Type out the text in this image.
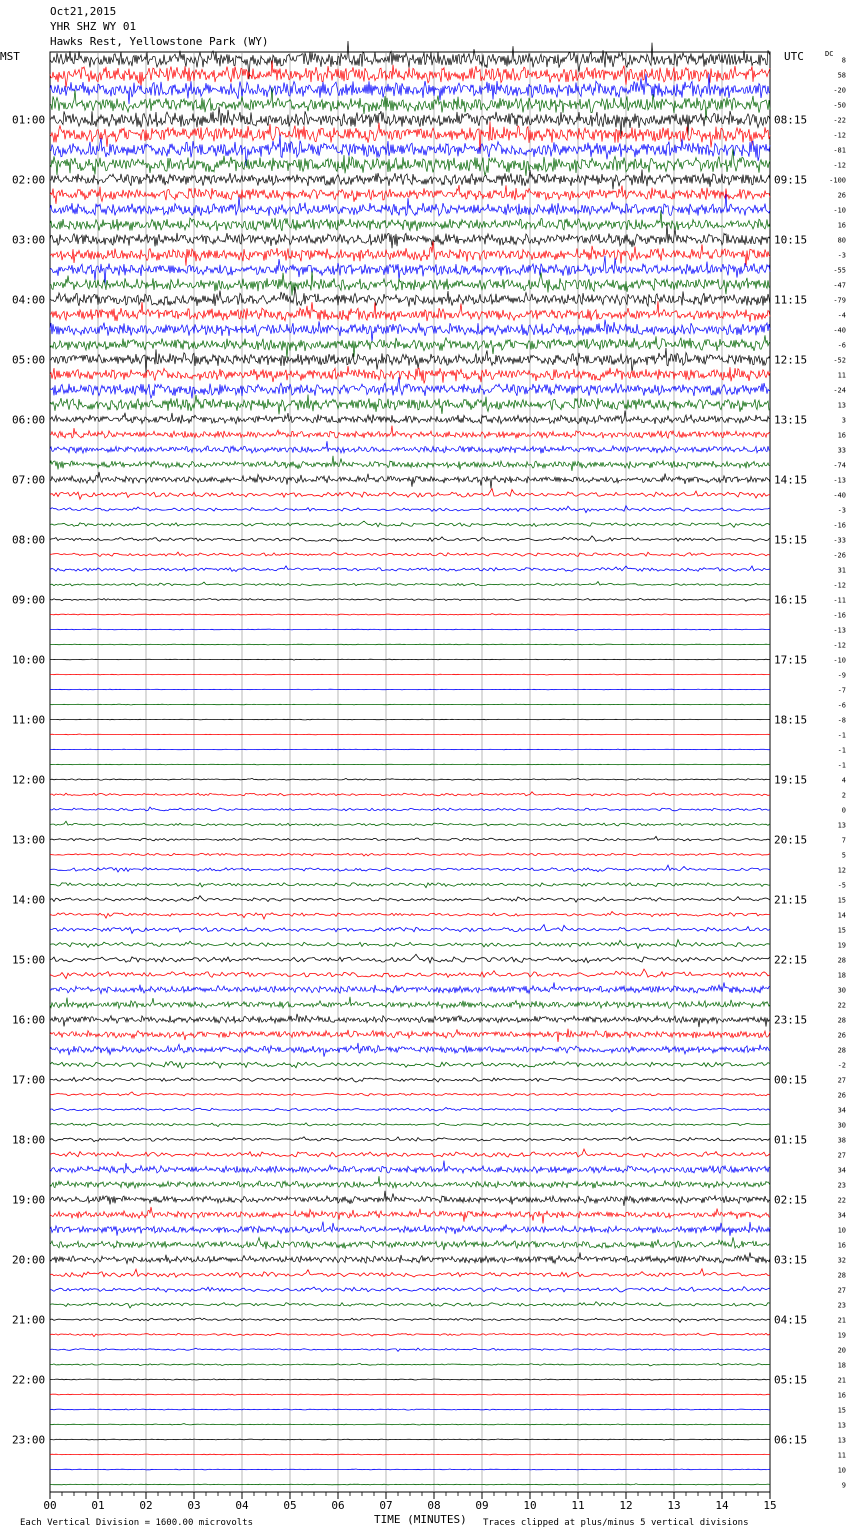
00	01	02	03	04	05	06	07	08	09	10	11	12	13	14	15
01:00	08:15
02:00	09:15
03:00	10:15
04:00	11:15
05:00	12:15
06:00	13:15
07:00	14:15
08:00	15:15
09:00	16:15
10:00	17:15
11:00	18:15
12:00	19:15
13:00	20:15
14:00	21:15
15:00	22:15
16:00	23:15
17:00	00:15
18:00	01:15
19:00	02:15
20:00	03:15
21:00	04:15
22:00	05:15
23:00	06:15
8
58
-20
-50
-22
-12
-81
-12
-100
26
-10
16
80
-3
-55
-47
-79
-4
-40
-6
-52
11
-24
13
3
16
33
-74
-13
-40
-3
-16
-33
-26
31
-12
-11
-16
-13
-12
-10
-9
-7
-6
-8
-1
-1
-1
4
2
0
13
7
5
12
-5
15
14
15
19
28
18
30
22
28
26
28
-2
27
26
34
30
38
27
34
23
22
34
10
16
32
28
27
23
21
19
20
18
21
16
15
13
13
11
10
9
Oct21,2015
YHR SHZ WY 01
Hawks Rest, Yellowstone Park (WY)
MST	UTC	DC
TIME (MINUTES)
Each Vertical Division = 1600.00 microvolts	Traces clipped at plus/minus 5 vertical divisions
